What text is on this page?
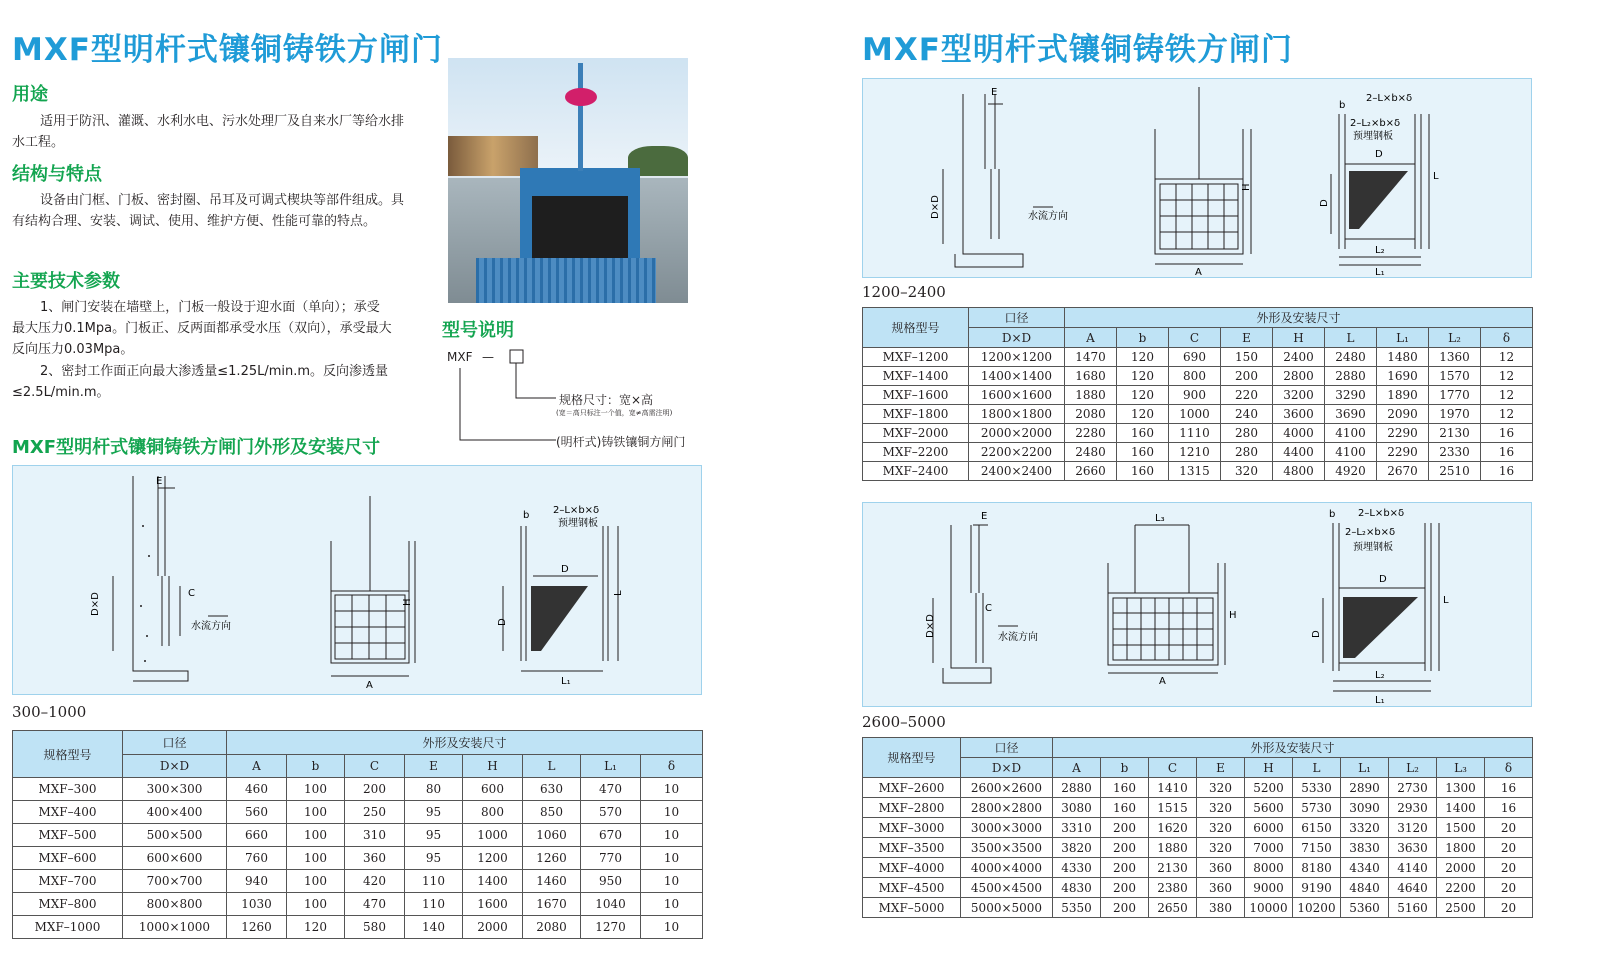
MXF型明杆式镶铜铸铁方闸门
用途
适用于防汛、灌溉、水利水电、污水处理厂及自来水厂等给水排水工程。
结构与特点
设备由门框、门板、密封圈、吊耳及可调式楔块等部件组成。具有结构合理、安装、调试、使用、维护方便、性能可靠的特点。
主要技术参数
1、闸门安装在墙壁上，门板一般设于迎水面（单向）；承受最大压力0.1Mpa。门板正、反两面都承受水压（双向），承受最大反向压力0.03Mpa。
2、密封工作面正向最大渗透量≤1.25L/min.m。反向渗透量≤2.5L/min.m。
型号说明
MXF —
规格尺寸：宽×高
(宽＝高只标注一个值，宽≠高需注明)
(明杆式)铸铁镶铜方闸门
MXF型明杆式镶铜铸铁方闸门外形及安装尺寸
E
C
D×D
水流方向
A
H
b 2–L×b×δ
预埋钢板
D
D
L
L₁
300–1000
规格型号	口径	外形及安装尺寸							
	D×D	A	b	C	E	H	L	L₁	δ
MXF–300	300×300	460	100	200	80	600	630	470	10
MXF–400	400×400	560	100	250	95	800	850	570	10
MXF–500	500×500	660	100	310	95	1000	1060	670	10
MXF–600	600×600	760	100	360	95	1200	1260	770	10
MXF–700	700×700	940	100	420	110	1400	1460	950	10
MXF–800	800×800	1030	100	470	110	1600	1670	1040	10
MXF–1000	1000×1000	1260	120	580	140	2000	2080	1270	10
MXF型明杆式镶铜铸铁方闸门
E
D×D	水流方向
A
H
b
2–L×b×δ
2–L₂×b×δ
预埋钢板
D
D
L
L₂
L₁
1200–2400
规格型号	口径	外形及安装尺寸								
	D×D	A	b	C	E	H	L	L₁	L₂	δ
MXF–1200	1200×1200	1470	120	690	150	2400	2480	1480	1360	12
MXF–1400	1400×1400	1680	120	800	200	2800	2880	1690	1570	12
MXF–1600	1600×1600	1880	120	900	220	3200	3290	1890	1770	12
MXF–1800	1800×1800	2080	120	1000	240	3600	3690	2090	1970	12
MXF–2000	2000×2000	2280	160	1110	280	4000	4100	2290	2130	16
MXF–2200	2200×2200	2480	160	1210	280	4400	4100	2290	2330	16
MXF–2400	2400×2400	2660	160	1315	320	4800	4920	2670	2510	16
E
C
D×D	水流方向
L₃
A
H
b 2–L×b×δ
2–L₂×b×δ
预埋钢板
D
D
L
L₂
L₁
2600–5000
规格型号	口径	外形及安装尺寸									
	D×D	A	b	C	E	H	L	L₁	L₂	L₃	δ
MXF–2600	2600×2600	2880	160	1410	320	5200	5330	2890	2730	1300	16
MXF–2800	2800×2800	3080	160	1515	320	5600	5730	3090	2930	1400	16
MXF–3000	3000×3000	3310	200	1620	320	6000	6150	3320	3120	1500	20
MXF–3500	3500×3500	3820	200	1880	320	7000	7150	3830	3630	1800	20
MXF–4000	4000×4000	4330	200	2130	360	8000	8180	4340	4140	2000	20
MXF–4500	4500×4500	4830	200	2380	360	9000	9190	4840	4640	2200	20
MXF–5000	5000×5000	5350	200	2650	380	10000	10200	5360	5160	2500	20
